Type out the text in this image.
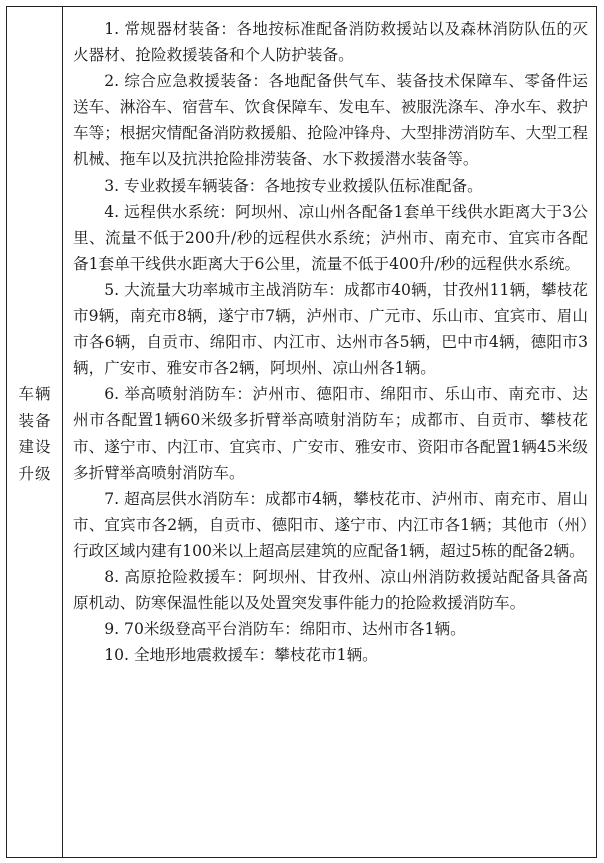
车辆
装备
建设
升级

1. 常规器材装备：各地按标准配备消防救援站以及森林消防队伍的灭火器材、抢险救援装备和个人防护装备。

2. 综合应急救援装备：各地配备供气车、装备技术保障车、零备件运送车、淋浴车、宿营车、饮食保障车、发电车、被服洗涤车、净水车、救护车等；根据灾情配备消防救援船、抢险冲锋舟、大型排涝消防车、大型工程机械、拖车以及抗洪抢险排涝装备、水下救援潜水装备等。

3. 专业救援车辆装备：各地按专业救援队伍标准配备。

4. 远程供水系统：阿坝州、凉山州各配备1套单干线供水距离大于3公里、流量不低于200升/秒的远程供水系统；泸州市、南充市、宜宾市各配备1套单干线供水距离大于6公里，流量不低于400升/秒的远程供水系统。

5. 大流量大功率城市主战消防车：成都市40辆，甘孜州11辆，攀枝花市9辆，南充市8辆，遂宁市7辆，泸州市、广元市、乐山市、宜宾市、眉山市各6辆，自贡市、绵阳市、内江市、达州市各5辆，巴中市4辆，德阳市3辆，广安市、雅安市各2辆，阿坝州、凉山州各1辆。

6. 举高喷射消防车：泸州市、德阳市、绵阳市、乐山市、南充市、达州市各配置1辆60米级多折臂举高喷射消防车；成都市、自贡市、攀枝花市、遂宁市、内江市、宜宾市、广安市、雅安市、资阳市各配置1辆45米级多折臂举高喷射消防车。

7. 超高层供水消防车：成都市4辆，攀枝花市、泸州市、南充市、眉山市、宜宾市各2辆，自贡市、德阳市、遂宁市、内江市各1辆；其他市（州）行政区域内建有100米以上超高层建筑的应配备1辆，超过5栋的配备2辆。

8. 高原抢险救援车：阿坝州、甘孜州、凉山州消防救援站配备具备高原机动、防寒保温性能以及处置突发事件能力的抢险救援消防车。

9. 70米级登高平台消防车：绵阳市、达州市各1辆。

10. 全地形地震救援车：攀枝花市1辆。
